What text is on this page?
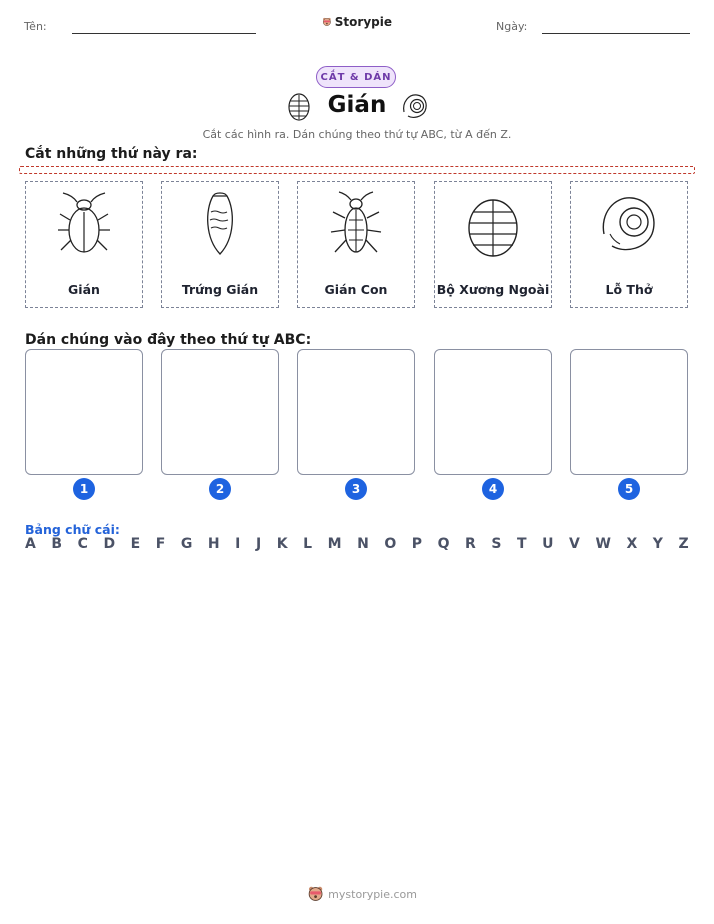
Tên:	Storypie	Ngày:
CẮT & DÁN
Gián
Cắt các hình ra. Dán chúng theo thứ tự ABC, từ A đến Z.
Cắt những thứ này ra:
Gián	Trứng Gián	Gián Con	Bộ Xương Ngoài	Lỗ Thở
Dán chúng vào đây theo thứ tự ABC:
1	2	3	4	5
Bảng chữ cái:
A B C D E F G H I J K L M N O P Q R S T U V W X Y Z
mystorypie.com
